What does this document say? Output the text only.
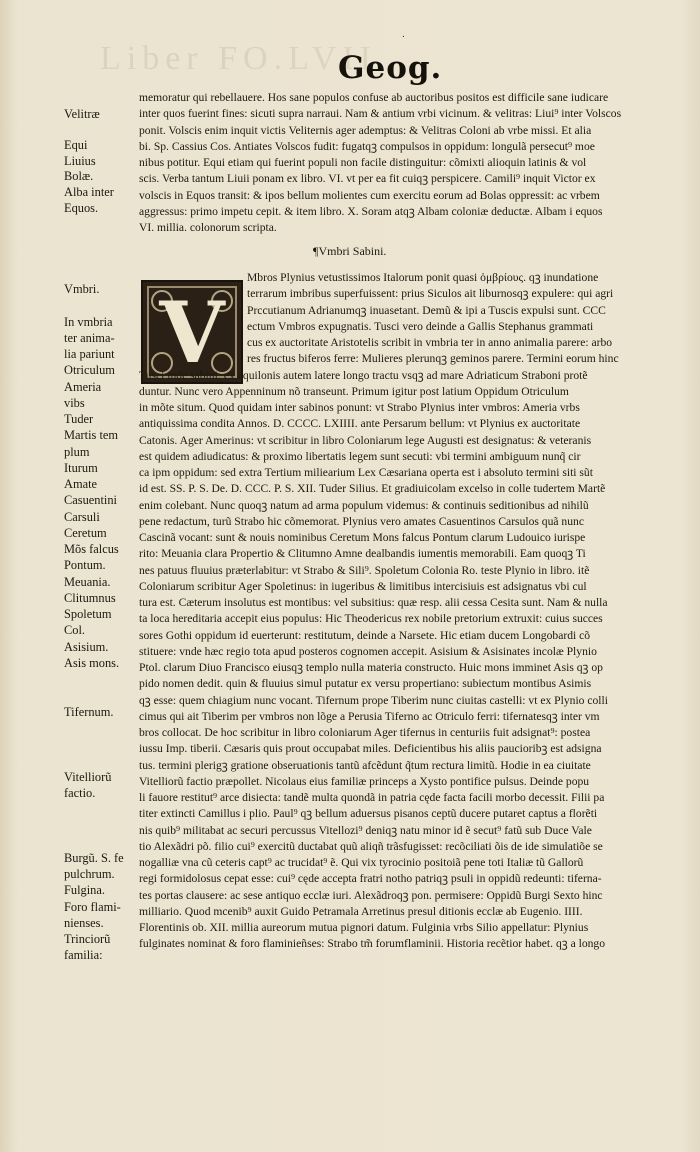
Liber FO.LVII
.
Geog.
Velitræ

Equi
Liuius
Bolæ.
Alba inter
Equos.
memoratur qui rebellauere. Hos sane populos confuse ab auctoribus positos est difficile sane iudicare
inter quos fuerint fines: sicuti supra narraui. Nam & antium vrbi vicinum. & velitras: Liui⁹ inter Volscos
ponit. Volscis enim inquit victis Veliternis ager ademptus: & Velitras Coloni ab vrbe missi. Et alia
bi. Sp. Cassius Cos. Antiates Volscos fudit: fugatqꝫ compulsos in oppidum: longulã persecut⁹ moe
nibus potitur. Equi etiam qui fuerint populi non facile distinguitur: cõmixti alioquin latinis & vol
scis. Verba tantum Liuii ponam ex libro. VI. vt per ea fit cuiqꝫ perspicere. Camili⁹ inquit Victor ex
volscis in Equos transit: & ipos bellum molientes cum exercitu eorum ad Bolas oppressit: ac vrbem
aggressus: primo impetu cepit. & item libro. X. Soram atqꝫ Albam coloniæ deductæ. Albam i equos
VI. millia. colonorum scripta.
¶Vmbri Sabini.
V
Vmbri.
In vmbria
ter anima-
lia pariunt
Otriculum
Ameria
vibs
Tuder
Martis tem
plum
Iturum
Amate
Casuentini
Carsuli
Ceretum
Mõs falcus
Pontum.
Meuania.
Clitumnus
Spoletum
Col.
Asisium.
Asis mons.
Tifernum.
Vitelliorũ
factio.
Burgũ. S. fe
pulchrum.
Fulgina.
Foro flami-
nienses.
Trinciorũ
familia:
Mbros Plynius vetustissimos Italorum ponit quasi ὀμβρίους. qꝫ inundatione
terrarum imbribus superfuissent: prius Siculos ait liburnosqꝫ expulere: qui agri
Prccutianum Adrianumqꝫ inuasetant. Demũ & ipi a Tuscis expulsi sunt. CCC
ectum Vmbros expugnatis. Tusci vero deinde a Gallis Stephanus grammati
cus ex auctoritate Aristotelis scribit in vmbria ter in anno animalia parere: arbo
res fructus biferos ferre: Mulieres plerunqꝫ geminos parere. Termini eorum hinc
Tusci inde sabini: ex aquilonis autem latere longo tractu vsqꝫ ad mare Adriaticum Straboni protẽ
duntur. Nunc vero Appenninum nõ transeunt. Primum igitur post latium Oppidum Otriculum
in mõte situm. Quod quidam inter sabinos ponunt: vt Strabo Plynius inter vmbros: Ameria vrbs
antiquissima condita Annos. D. CCCC. LXIIII. ante Persarum bellum: vt Plynius ex auctoritate
Catonis. Ager Amerinus: vt scribitur in libro Coloniarum lege Augusti est designatus: & veteranis
est quidem adiudicatus: & proximo libertatis legem sunt secuti: vbi termini ambiguum nunq̃ cir
ca ipm oppidum: sed extra Tertium miliearium Lex Cæsariana operta est i absoluto termini siti sũt
id est. SS. P. S. De. D. CCC. P. S. XII. Tuder Silius. Et gradiuicolam excelso in colle tudertem Martẽ
enim colebant. Nunc quoqꝫ natum ad arma populum videmus: & continuis seditionibus ad nihilũ
pene redactum, turũ Strabo hic cõmemorat. Plynius vero amates Casuentinos Carsulos quã nunc
Cascinã vocant: sunt & nouis nominibus Ceretum Mons falcus Pontum clarum Ludouico iurispe
rito: Meuania clara Propertio & Clitumno Amne dealbandis iumentis memorabili. Eam quoqꝫ Ti
nes patuus fluuius præterlabitur: vt Strabo & Sili⁹. Spoletum Colonia Ro. teste Plynio in libro. itẽ
Coloniarum scribitur Ager Spoletinus: in iugeribus & limitibus intercisiuis est adsignatus vbi cul
tura est. Cæterum insolutus est montibus: vel subsitius: quæ resp. alii cessa Cesita sunt. Nam & nulla
ta loca hereditaria accepit eius populus: Hic Theodericus rex nobile pretorium extruxit: cuius succes
sores Gothi oppidum id euerterunt: restitutum, deinde a Narsete. Hic etiam ducem Longobardi cõ
stituere: vnde hæc regio tota apud posteros cognomen accepit. Asisium & Asisinates incolæ Plynio
Ptol. clarum Diuo Francisco eiusqꝫ templo nulla materia constructo. Huic mons imminet Asis qꝫ op
pido nomen dedit. quin & fluuius simul putatur ex versu propertiano: subiectum montibus Asimis
qꝫ esse: quem chiagium nunc vocant. Tifernum prope Tiberim nunc ciuitas castelli: vt ex Plynio colli
cimus qui ait Tiberim per vmbros non lõge a Perusia Tiferno ac Otriculo ferri: tifernatesqꝫ inter vm
bros collocat. De hoc scribitur in libro coloniarum Ager tifernus in centuriis fuit adsignat⁹: postea
iussu Imp. tiberii. Cæsaris quis prout occupabat miles. Deficientibus his aliis paucioribꝫ est adsigna
tus. termini plerigꝫ gratione obseruationis tantũ afcẽdunt q̃tum rectura limitũ. Hodie in ea ciuitate
Vitelliorũ factio præpollet. Nicolaus eius familiæ princeps a Xysto pontifice pulsus. Deinde popu
li fauore restitut⁹ arce disiecta: tandẽ multa quondã in patria cęde facta facili morbo decessit. Filii pa
titer extincti Camillus i plio. Paul⁹ qꝫ bellum aduersus pisanos ceptũ ducere putaret captus a florẽti
nis quib⁹ militabat ac securi percussus Vitellozi⁹ deniqꝫ natu minor id ẽ secut⁹ fatũ sub Duce Vale
tio Alexãdri põ. filio cui⁹ exercitũ ductabat quũ aliqñ trãsfugisset: recõciliati õis de ide simulatiõe se
nogalliæ vna cũ ceteris capt⁹ ac trucidat⁹ ẽ. Qui vix tyrocinio positoiã pene toti Italiæ tũ Gallorũ
regi formidolosus cepat esse: cui⁹ cęde accepta fratri notho patriqꝫ psuli in oppidũ redeunti: tiferna-
tes portas clausere: ac sese antiquo ecclæ iuri. Alexãdroqꝫ pon. permisere: Oppidũ Burgi Sexto hinc
milliario. Quod mcenib⁹ auxit Guido Petramala Arretinus presul ditionis ecclæ ab Eugenio. IIII.
Florentinis ob. XII. millia aureorum mutua pignori datum. Fulginia vrbs Silio appellatur: Plynius
fulginates nominat & foro flaminieñses: Strabo tm̃ forumflaminii. Historia recẽtior habet. qꝫ a longo
